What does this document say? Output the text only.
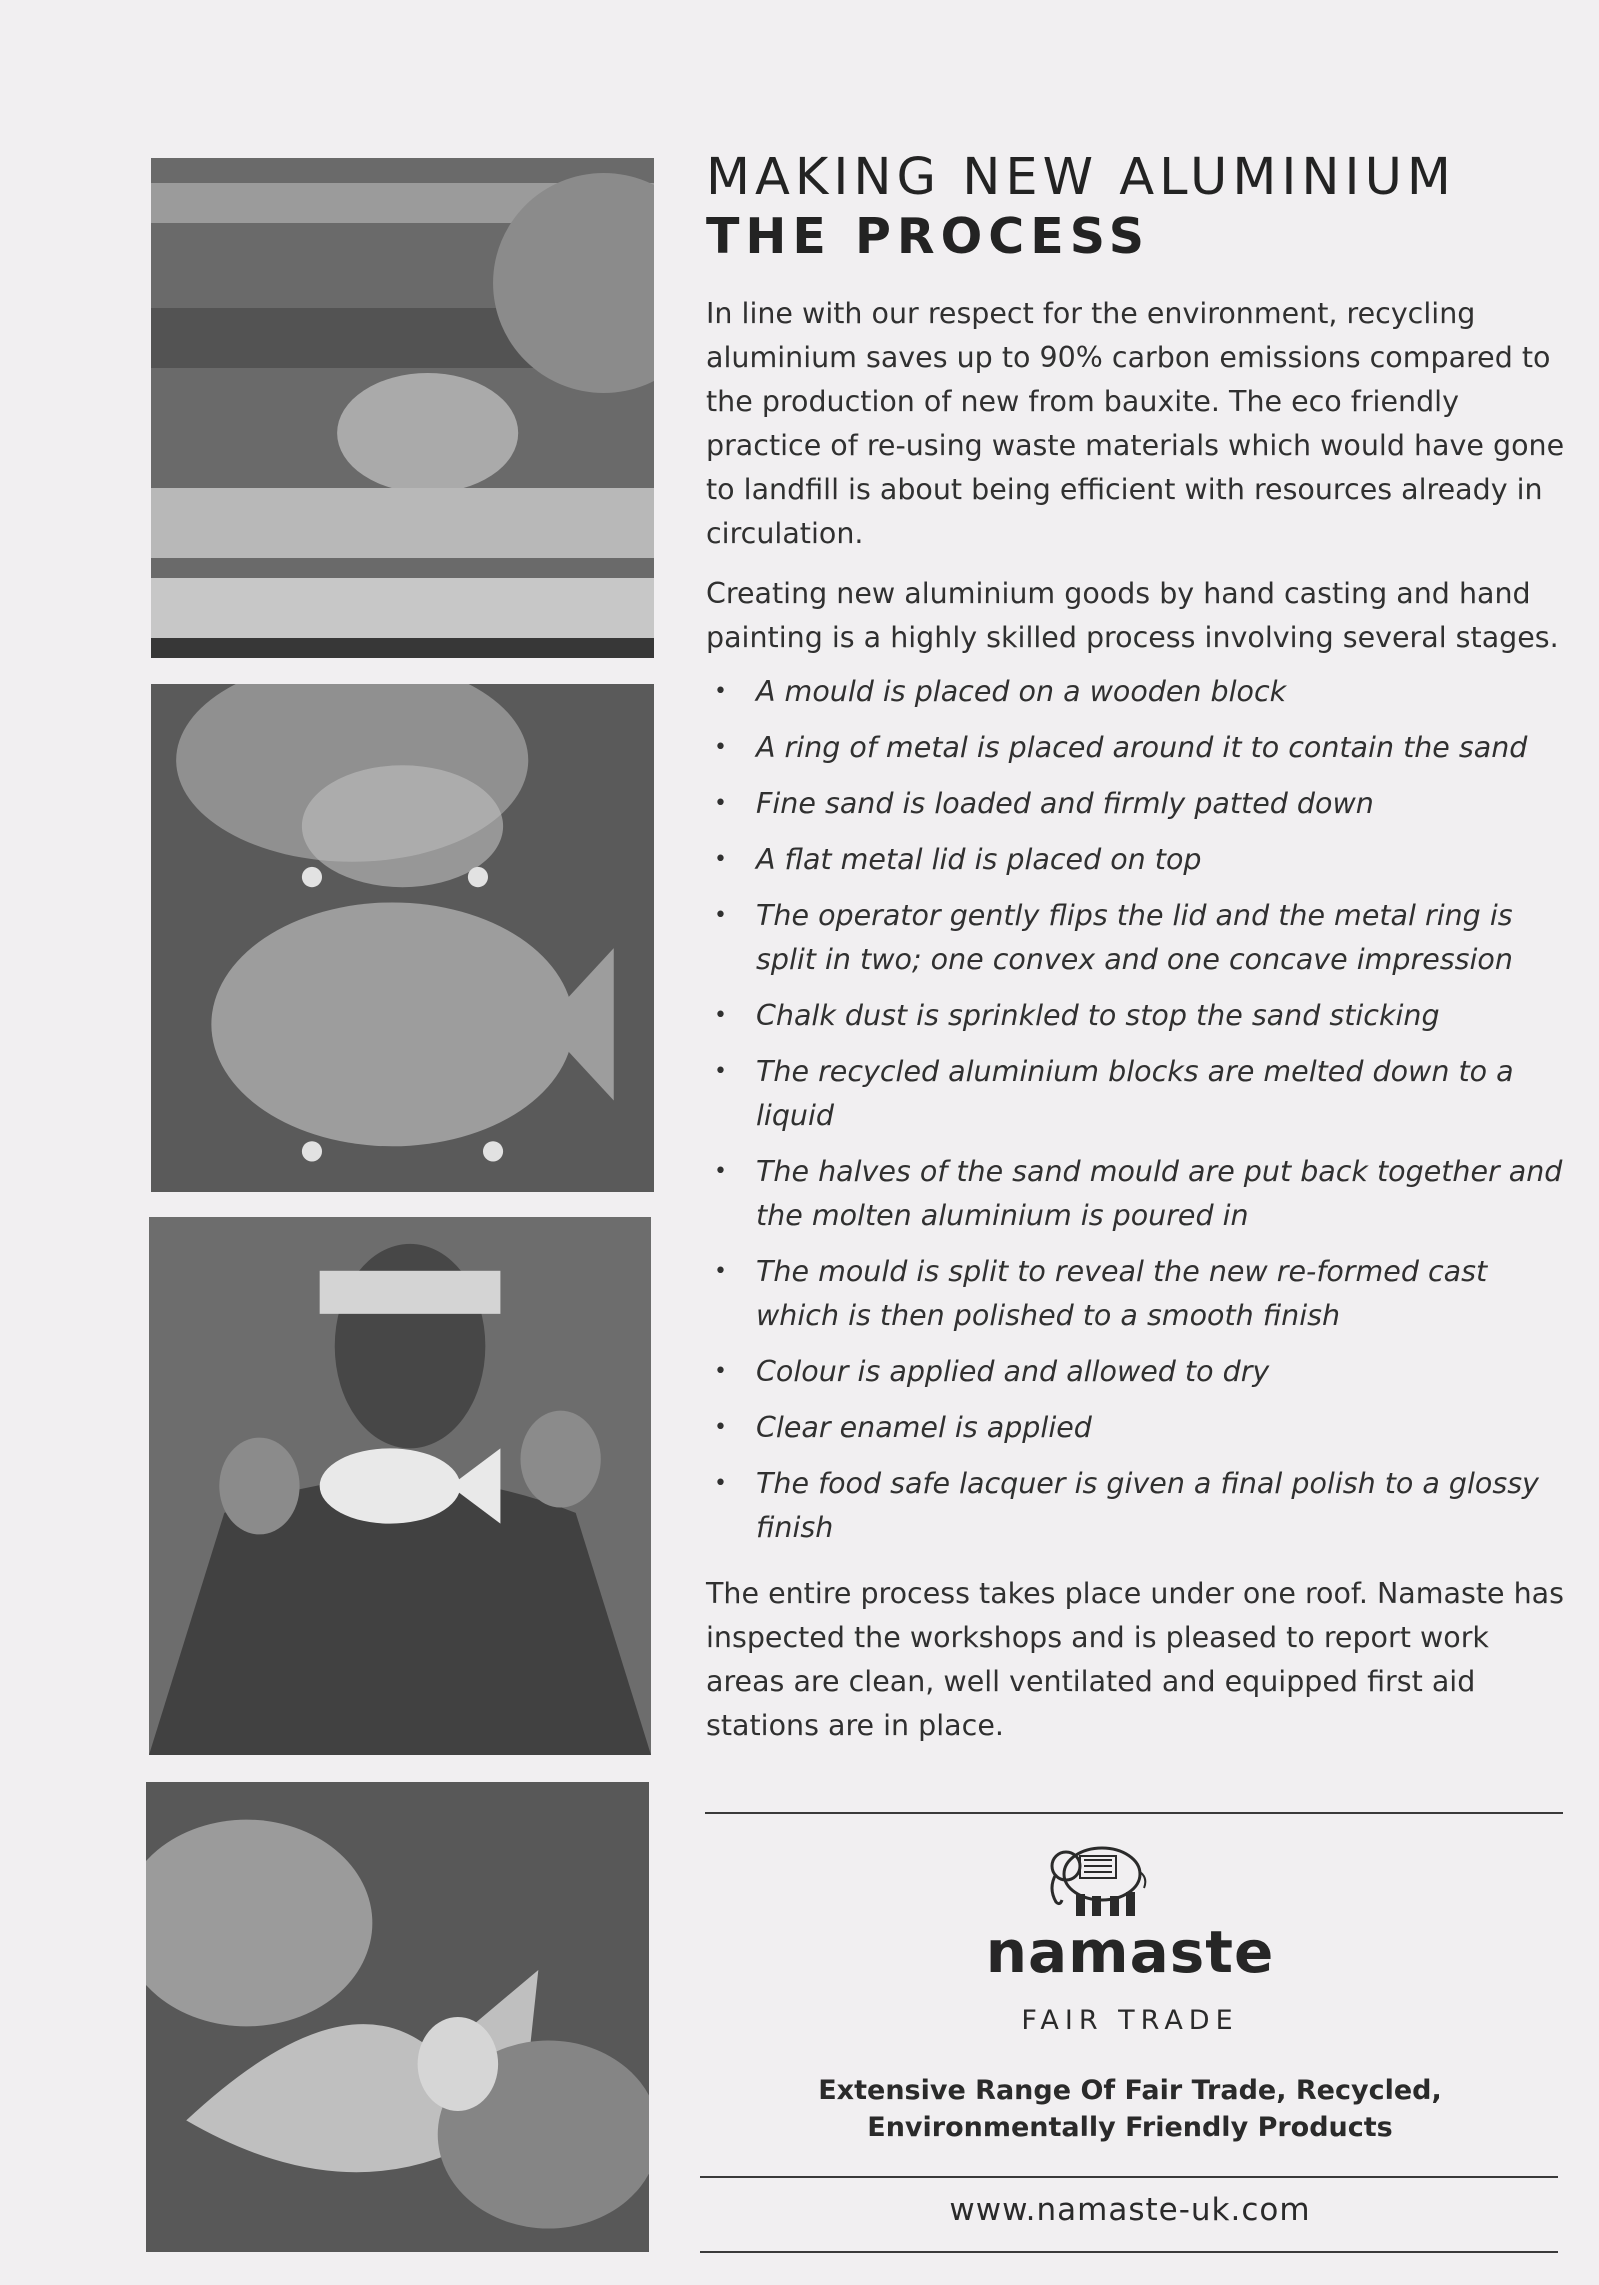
MAKING NEW ALUMINIUM
THE PROCESS

In line with our respect for the environment, recycling aluminium saves up to 90% carbon emissions compared to the production of new from bauxite. The eco friendly practice of re-using waste materials which would have gone to landfill is about being efficient with resources already in circulation.

Creating new aluminium goods by hand casting and hand painting is a highly skilled process involving several stages.

• A mould is placed on a wooden block
• A ring of metal is placed around it to contain the sand
• Fine sand is loaded and firmly patted down
• A flat metal lid is placed on top
• The operator gently flips the lid and the metal ring is split in two; one convex and one concave impression
• Chalk dust is sprinkled to stop the sand sticking
• The recycled aluminium blocks are melted down to a liquid
• The halves of the sand mould are put back together and the molten aluminium is poured in
• The mould is split to reveal the new re-formed cast which is then polished to a smooth finish
• Colour is applied and allowed to dry
• Clear enamel is applied
• The food safe lacquer is given a final polish to a glossy finish

The entire process takes place under one roof. Namaste has inspected the workshops and is pleased to report work areas are clean, well ventilated and equipped first aid stations are in place.

namaste
FAIR TRADE
Extensive Range Of Fair Trade, Recycled,
Environmentally Friendly Products
www.namaste-uk.com
